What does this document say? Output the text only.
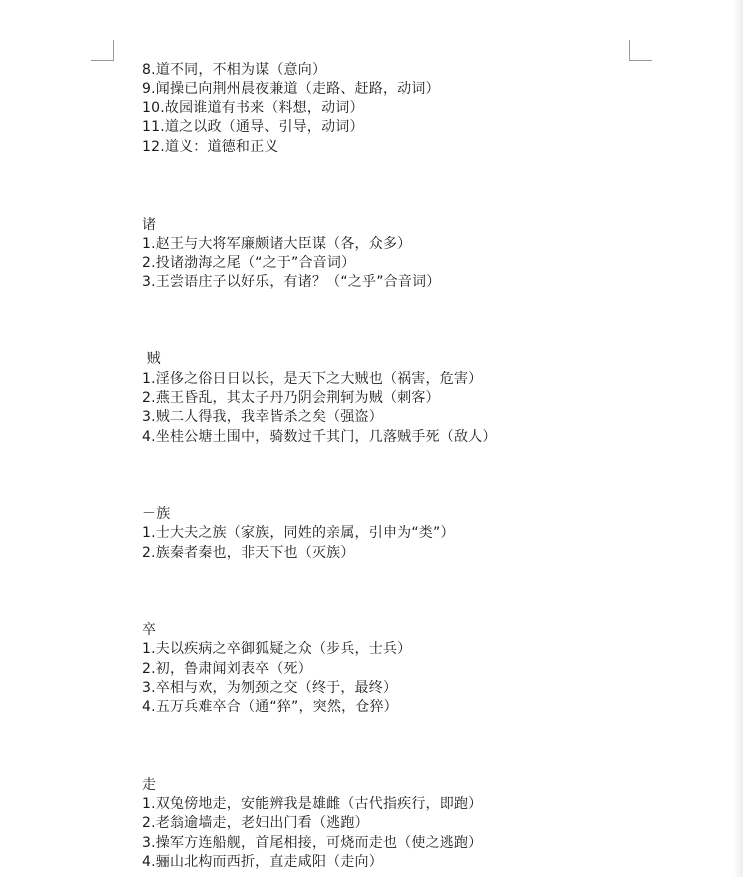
8.道不同，不相为谋（意向）
9.闻操已向荆州晨夜兼道（走路、赶路，动词）
10.故园谁道有书来（料想，动词）
11.道之以政（通导、引导，动词）
12.道义：道德和正义
诸
1.赵王与大将军廉颇诸大臣谋（各，众多）
2.投诸渤海之尾（“之于”合音词）
3.王尝语庄子以好乐，有诸？（“之乎”合音词）
贼
1.淫侈之俗日日以长，是天下之大贼也（祸害，危害）
2.燕王昏乱，其太子丹乃阴会荆轲为贼（刺客）
3.贼二人得我，我幸皆杀之矣（强盗）
4.坐桂公塘土围中，骑数过千其门，几落贼手死（敌人）
－族
1.士大夫之族（家族，同姓的亲属，引申为“类”）
2.族秦者秦也，非天下也（灭族）
卒
1.夫以疾病之卒御狐疑之众（步兵，士兵）
2.初，鲁肃闻刘表卒（死）
3.卒相与欢，为刎颈之交（终于，最终）
4.五万兵难卒合（通“猝”，突然，仓猝）
走
1.双兔傍地走，安能辨我是雄雌（古代指疾行，即跑）
2.老翁逾墙走，老妇出门看（逃跑）
3.操军方连船舰，首尾相接，可烧而走也（使之逃跑）
4.骊山北构而西折，直走咸阳（走向）
